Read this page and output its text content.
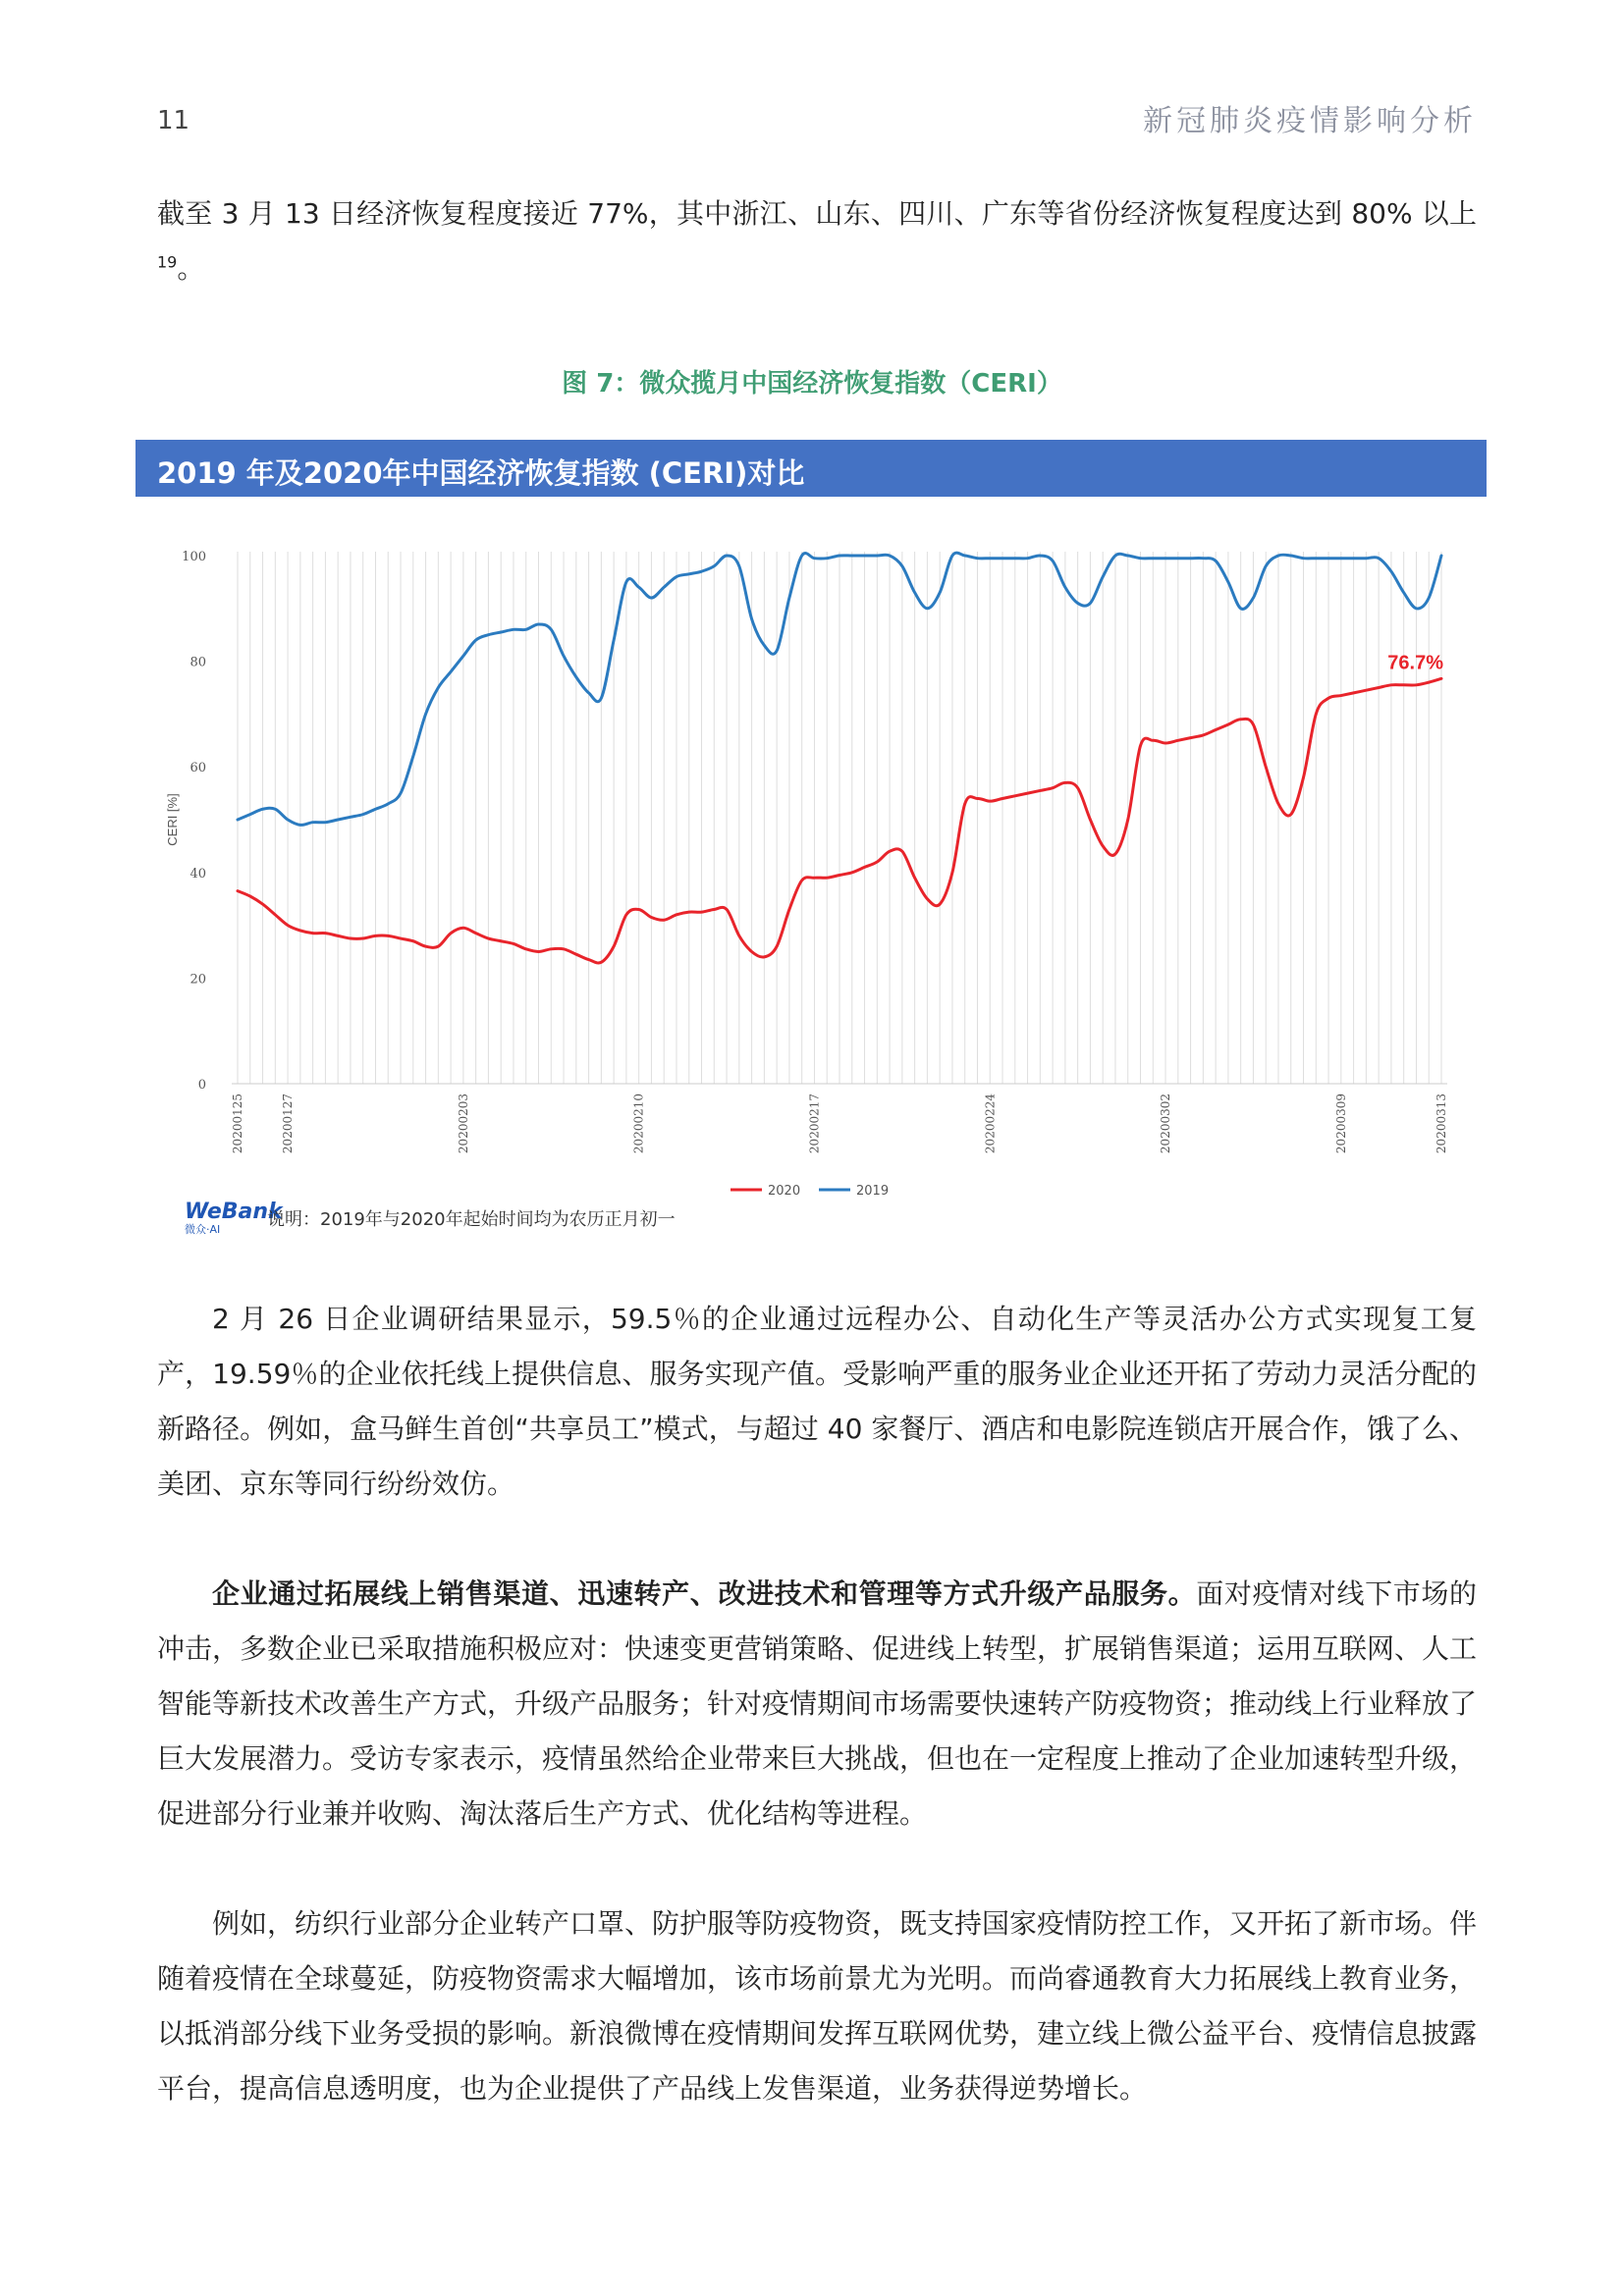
11	新冠肺炎疫情影响分析

截至 3 月 13 日经济恢复程度接近 77%，其中浙江、山东、四川、广东等省份经济恢复程度达到 80% 以上$^{19}$。

图 7：微众揽月中国经济恢复指数（CERI）
2019 年及2020年中国经济恢复指数 (CERI)对比
0
20
40
60
80
100
CERI [%]
20200125	20200127	20200203	20200210	20200217	20200224	20200302	20200309	20200313
76.7%
2020	2019
WeBank
微众·AI	说明：2019年与2020年起始时间均为农历正月初一

2 月 26 日企业调研结果显示，59.5％的企业通过远程办公、自动化生产等灵活办公方式实现复工复产，19.59％的企业依托线上提供信息、服务实现产值。受影响严重的服务业企业还开拓了劳动力灵活分配的新路径。例如，盒马鲜生首创“共享员工”模式，与超过 40 家餐厅、酒店和电影院连锁店开展合作，饿了么、美团、京东等同行纷纷效仿。

企业通过拓展线上销售渠道、迅速转产、改进技术和管理等方式升级产品服务。面对疫情对线下市场的冲击，多数企业已采取措施积极应对：快速变更营销策略、促进线上转型，扩展销售渠道；运用互联网、人工智能等新技术改善生产方式，升级产品服务；针对疫情期间市场需要快速转产防疫物资；推动线上行业释放了巨大发展潜力。受访专家表示，疫情虽然给企业带来巨大挑战，但也在一定程度上推动了企业加速转型升级，促进部分行业兼并收购、淘汰落后生产方式、优化结构等进程。

例如，纺织行业部分企业转产口罩、防护服等防疫物资，既支持国家疫情防控工作，又开拓了新市场。伴随着疫情在全球蔓延，防疫物资需求大幅增加，该市场前景尤为光明。而尚睿通教育大力拓展线上教育业务，以抵消部分线下业务受损的影响。新浪微博在疫情期间发挥互联网优势，建立线上微公益平台、疫情信息披露平台，提高信息透明度，也为企业提供了产品线上发售渠道，业务获得逆势增长。
